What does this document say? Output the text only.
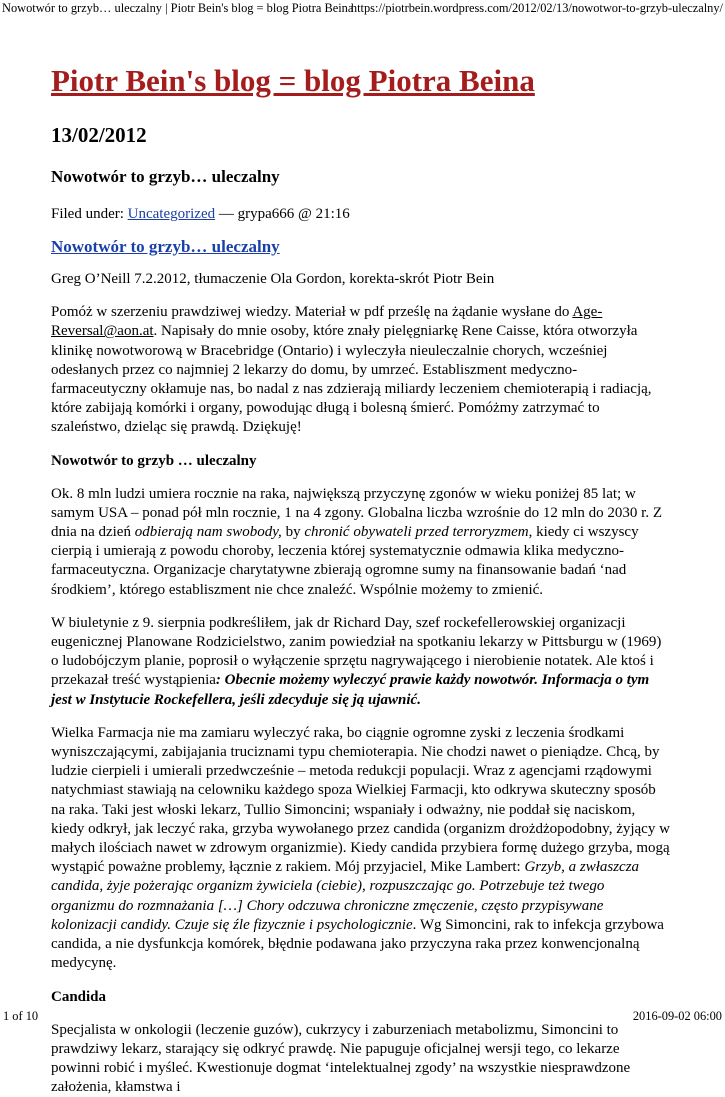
Nowotwór to grzyb… uleczalny | Piotr Bein's blog = blog Piotra Beina
https://piotrbein.wordpress.com/2012/02/13/nowotwor-to-grzyb-uleczalny/
Piotr Bein's blog = blog Piotra Beina
13/02/2012
Nowotwór to grzyb… uleczalny
Filed under: Uncategorized — grypa666 @ 21:16
Nowotwór to grzyb… uleczalny

Greg O’Neill 7.2.2012, tłumaczenie Ola Gordon, korekta-skrót Piotr Bein

Pomóż w szerzeniu prawdziwej wiedzy. Materiał w pdf prześlę na żądanie wysłane do Age-Reversal@aon.at. Napisały do mnie osoby, które znały pielęgniarkę Rene Caisse, która otworzyła klinikę nowotworową w Bracebridge (Ontario) i wyleczyła nieuleczalnie chorych, wcześniej odesłanych przez co najmniej 2 lekarzy do domu, by umrzeć. Establiszment medyczno-farmaceutyczny okłamuje nas, bo nadal z nas zdzierają miliardy leczeniem chemioterapią i radiacją, które zabijają komórki i organy, powodując długą i bolesną śmierć. Pomóżmy zatrzymać to szaleństwo, dzieląc się prawdą. Dziękuję!

Nowotwór to grzyb … uleczalny

Ok. 8 mln ludzi umiera rocznie na raka, największą przyczynę zgonów w wieku poniżej 85 lat; w samym USA – ponad pół mln rocznie, 1 na 4 zgony. Globalna liczba wzrośnie do 12 mln do 2030 r. Z dnia na dzień odbierają nam swobody, by chronić obywateli przed terroryzmem, kiedy ci wszyscy cierpią i umierają z powodu choroby, leczenia której systematycznie odmawia klika medyczno-farmaceutyczna. Organizacje charytatywne zbierają ogromne sumy na finansowanie badań ‘nad środkiem’, którego establiszment nie chce znaleźć. Wspólnie możemy to zmienić.

W biuletynie z 9. sierpnia podkreśliłem, jak dr Richard Day, szef rockefellerowskiej organizacji eugenicznej Planowane Rodzicielstwo, zanim powiedział na spotkaniu lekarzy w Pittsburgu w (1969) o ludobójczym planie, poprosił o wyłączenie sprzętu nagrywającego i nierobienie notatek. Ale ktoś i przekazał treść wystąpienia: Obecnie możemy wyleczyć prawie każdy nowotwór. Informacja o tym jest w Instytucie Rockefellera, jeśli zdecyduje się ją ujawnić.

Wielka Farmacja nie ma zamiaru wyleczyć raka, bo ciągnie ogromne zyski z leczenia środkami wyniszczającymi, zabijajania truciznami typu chemioterapia. Nie chodzi nawet o pieniądze. Chcą, by ludzie cierpieli i umierali przedwcześnie – metoda redukcji populacji. Wraz z agencjami rządowymi natychmiast stawiają na celowniku każdego spoza Wielkiej Farmacji, kto odkrywa skuteczny sposób na raka. Taki jest włoski lekarz, Tullio Simoncini; wspaniały i odważny, nie poddał się naciskom, kiedy odkrył, jak leczyć raka, grzyba wywołanego przez candida (organizm drożdżopodobny, żyjący w małych ilościach nawet w zdrowym organizmie). Kiedy candida przybiera formę dużego grzyba, mogą wystąpić poważne problemy, łącznie z rakiem. Mój przyjaciel, Mike Lambert: Grzyb, a zwłaszcza candida, żyje pożerając organizm żywiciela (ciebie), rozpuszczając go. Potrzebuje też twego organizmu do rozmnażania […] Chory odczuwa chroniczne zmęczenie, często przypisywane kolonizacji candidy. Czuje się źle fizycznie i psychologicznie. Wg Simoncini, rak to infekcja grzybowa candida, a nie dysfunkcja komórek, błędnie podawana jako przyczyna raka przez konwencjonalną medycynę.

Candida

Specjalista w onkologii (leczenie guzów), cukrzycy i zaburzeniach metabolizmu, Simoncini to prawdziwy lekarz, starający się odkryć prawdę. Nie papuguje oficjalnej wersji tego, co lekarze powinni robić i myśleć. Kwestionuje dogmat ‘intelektualnej zgody’ na wszystkie niesprawdzone założenia, kłamstwa i

1 of 10	2016-09-02 06:00
